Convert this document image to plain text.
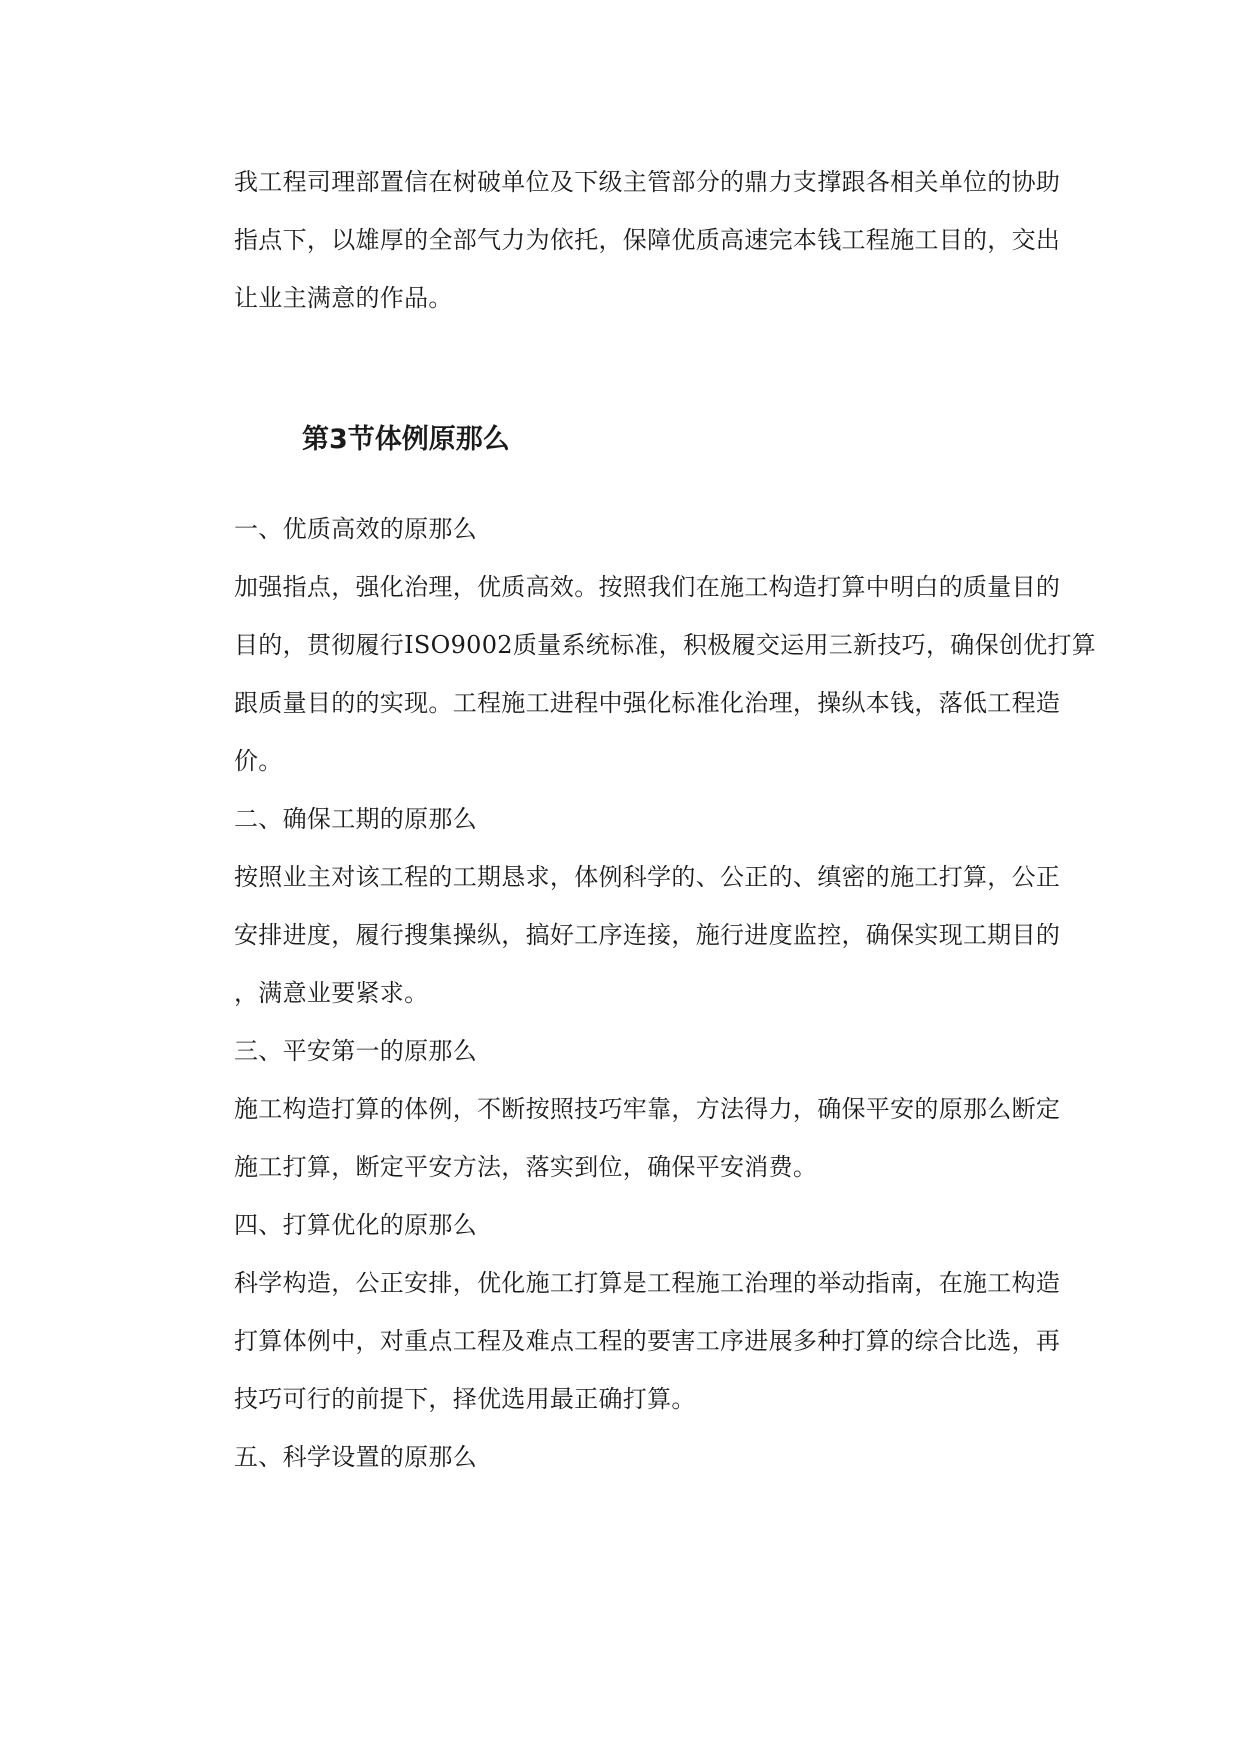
我工程司理部置信在树破单位及下级主管部分的鼎力支撑跟各相关单位的协助
指点下，以雄厚的全部气力为依托，保障优质高速完本钱工程施工目的，交出
让业主满意的作品。
第3节体例原那么
一、优质高效的原那么
加强指点，强化治理，优质高效。按照我们在施工构造打算中明白的质量目的
目的，贯彻履行ISO9002质量系统标准，积极履交运用三新技巧，确保创优打算
跟质量目的的实现。工程施工进程中强化标准化治理，操纵本钱，落低工程造
价。
二、确保工期的原那么
按照业主对该工程的工期恳求，体例科学的、公正的、缜密的施工打算，公正
安排进度，履行搜集操纵，搞好工序连接，施行进度监控，确保实现工期目的
，满意业要紧求。
三、平安第一的原那么
施工构造打算的体例，不断按照技巧牢靠，方法得力，确保平安的原那么断定
施工打算，断定平安方法，落实到位，确保平安消费。
四、打算优化的原那么
科学构造，公正安排，优化施工打算是工程施工治理的举动指南，在施工构造
打算体例中，对重点工程及难点工程的要害工序进展多种打算的综合比选，再
技巧可行的前提下，择优选用最正确打算。
五、科学设置的原那么
